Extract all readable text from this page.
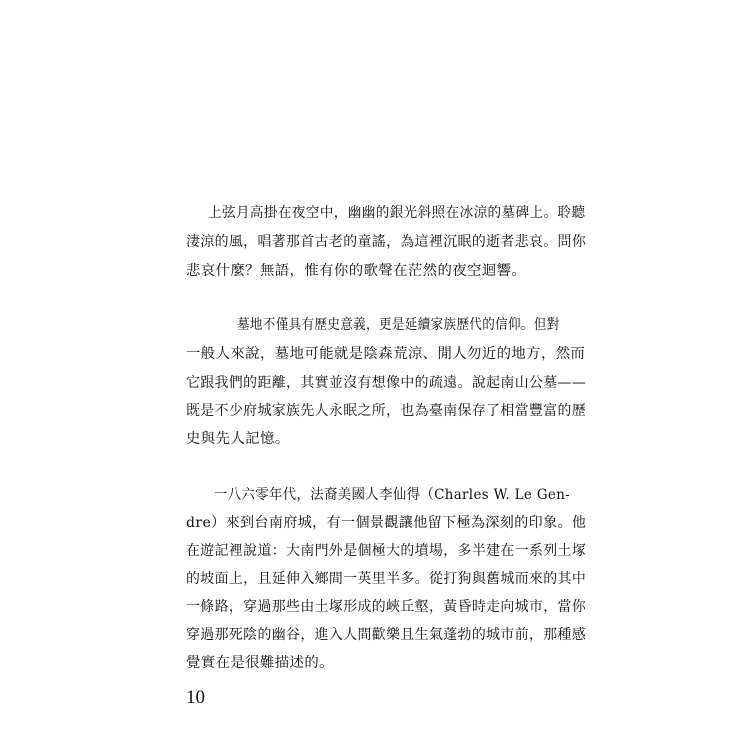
上弦月高掛在夜空中，幽幽的銀光斜照在冰涼的墓碑上。聆聽
淒涼的風，唱著那首古老的童謠，為這裡沉眠的逝者悲哀。問你
悲哀什麼？無語，惟有你的歌聲在茫然的夜空迴響。
墓地不僅具有歷史意義，更是延續家族歷代的信仰。但對
一般人來說，墓地可能就是陰森荒涼、閒人勿近的地方，然而
它跟我們的距離，其實並沒有想像中的疏遠。說起南山公墓——
既是不少府城家族先人永眠之所，也為臺南保存了相當豐富的歷
史與先人記憶。
一八六零年代，法裔美國人李仙得（Charles W. Le Gen-
dre）來到台南府城，有一個景觀讓他留下極為深刻的印象。他
在遊記裡說道：大南門外是個極大的墳場，多半建在一系列土塚
的坡面上，且延伸入鄉間一英里半多。從打狗與舊城而來的其中
一條路，穿過那些由土塚形成的峽丘壑，黃昏時走向城市，當你
穿過那死陰的幽谷，進入人間歡樂且生氣蓬勃的城市前，那種感
覺實在是很難描述的。
10
